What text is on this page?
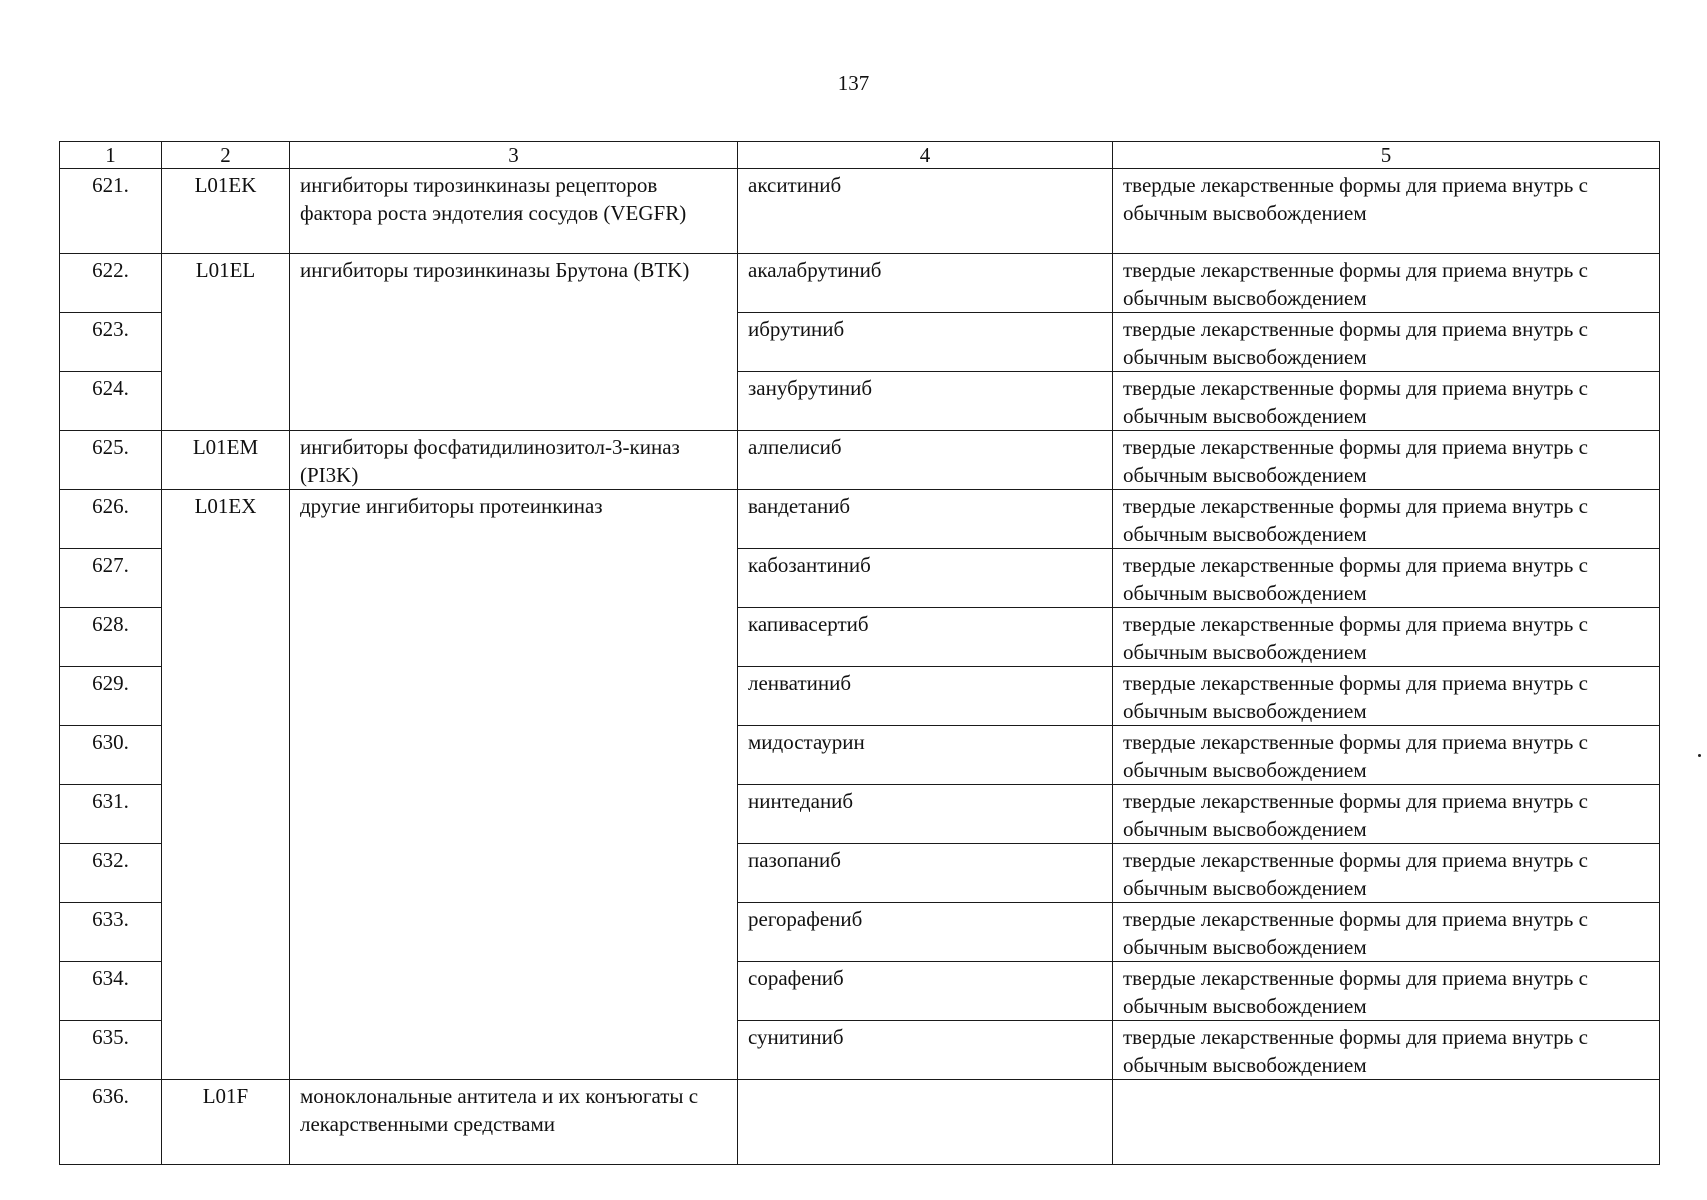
137
1	2	3	4	5
621.	L01EK	ингибиторы тирозинкиназы рецепторов фактора роста эндотелия сосудов (VEGFR)	акситиниб	твердые лекарственные формы для приема внутрь с обычным высвобождением
622.	L01EL	ингибиторы тирозинкиназы Брутона (BTK)	акалабрутиниб	твердые лекарственные формы для приема внутрь с обычным высвобождением
623.			ибрутиниб	твердые лекарственные формы для приема внутрь с обычным высвобождением
624.			занубрутиниб	твердые лекарственные формы для приема внутрь с обычным высвобождением
625.	L01EM	ингибиторы фосфатидилинозитол-3-киназ (PI3K)	алпелисиб	твердые лекарственные формы для приема внутрь с обычным высвобождением
626.	L01EX	другие ингибиторы протеинкиназ	вандетаниб	твердые лекарственные формы для приема внутрь с обычным высвобождением
627.			кабозантиниб	твердые лекарственные формы для приема внутрь с обычным высвобождением
628.			капивасертиб	твердые лекарственные формы для приема внутрь с обычным высвобождением
629.			ленватиниб	твердые лекарственные формы для приема внутрь с обычным высвобождением
630.			мидостаурин	твердые лекарственные формы для приема внутрь с обычным высвобождением
631.			нинтеданиб	твердые лекарственные формы для приема внутрь с обычным высвобождением
632.			пазопаниб	твердые лекарственные формы для приема внутрь с обычным высвобождением
633.			регорафениб	твердые лекарственные формы для приема внутрь с обычным высвобождением
634.			сорафениб	твердые лекарственные формы для приема внутрь с обычным высвобождением
635.			сунитиниб	твердые лекарственные формы для приема внутрь с обычным высвобождением
636.	L01F	моноклональные антитела и их конъюгаты с лекарственными средствами		
